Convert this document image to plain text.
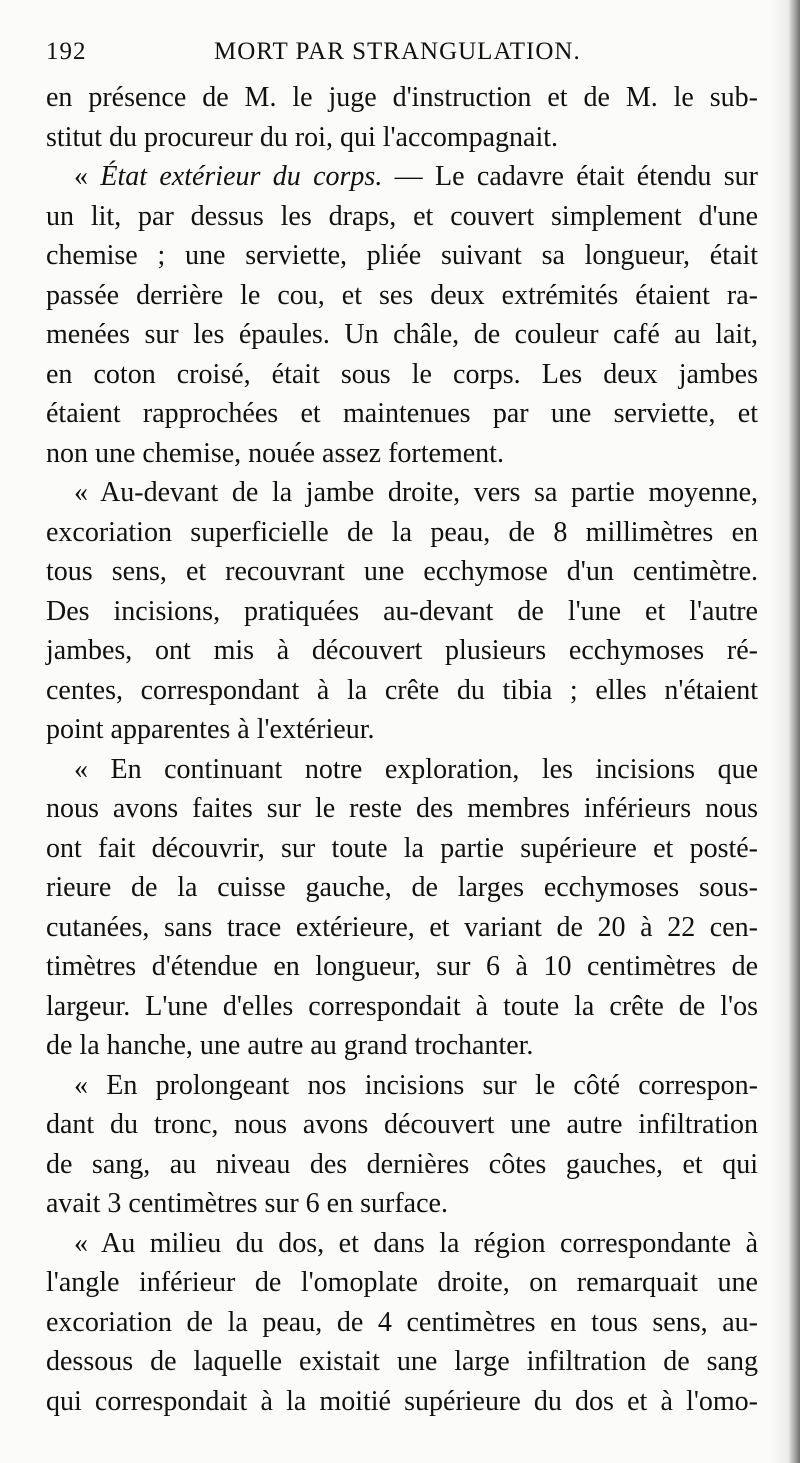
192	MORT PAR STRANGULATION.
en présence de M. le juge d'instruction et de M. le sub-
stitut du procureur du roi, qui l'accompagnait.
« État extérieur du corps. — Le cadavre était étendu sur
un lit, par dessus les draps, et couvert simplement d'une
chemise ; une serviette, pliée suivant sa longueur, était
passée derrière le cou, et ses deux extrémités étaient ra-
menées sur les épaules. Un châle, de couleur café au lait,
en coton croisé, était sous le corps. Les deux jambes
étaient rapprochées et maintenues par une serviette, et
non une chemise, nouée assez fortement.
« Au-devant de la jambe droite, vers sa partie moyenne,
excoriation superficielle de la peau, de 8 millimètres en
tous sens, et recouvrant une ecchymose d'un centimètre.
Des incisions, pratiquées au-devant de l'une et l'autre
jambes, ont mis à découvert plusieurs ecchymoses ré-
centes, correspondant à la crête du tibia ; elles n'étaient
point apparentes à l'extérieur.
« En continuant notre exploration, les incisions que
nous avons faites sur le reste des membres inférieurs nous
ont fait découvrir, sur toute la partie supérieure et posté-
rieure de la cuisse gauche, de larges ecchymoses sous-
cutanées, sans trace extérieure, et variant de 20 à 22 cen-
timètres d'étendue en longueur, sur 6 à 10 centimètres de
largeur. L'une d'elles correspondait à toute la crête de l'os
de la hanche, une autre au grand trochanter.
« En prolongeant nos incisions sur le côté correspon-
dant du tronc, nous avons découvert une autre infiltration
de sang, au niveau des dernières côtes gauches, et qui
avait 3 centimètres sur 6 en surface.
« Au milieu du dos, et dans la région correspondante à
l'angle inférieur de l'omoplate droite, on remarquait une
excoriation de la peau, de 4 centimètres en tous sens, au-
dessous de laquelle existait une large infiltration de sang
qui correspondait à la moitié supérieure du dos et à l'omo-
